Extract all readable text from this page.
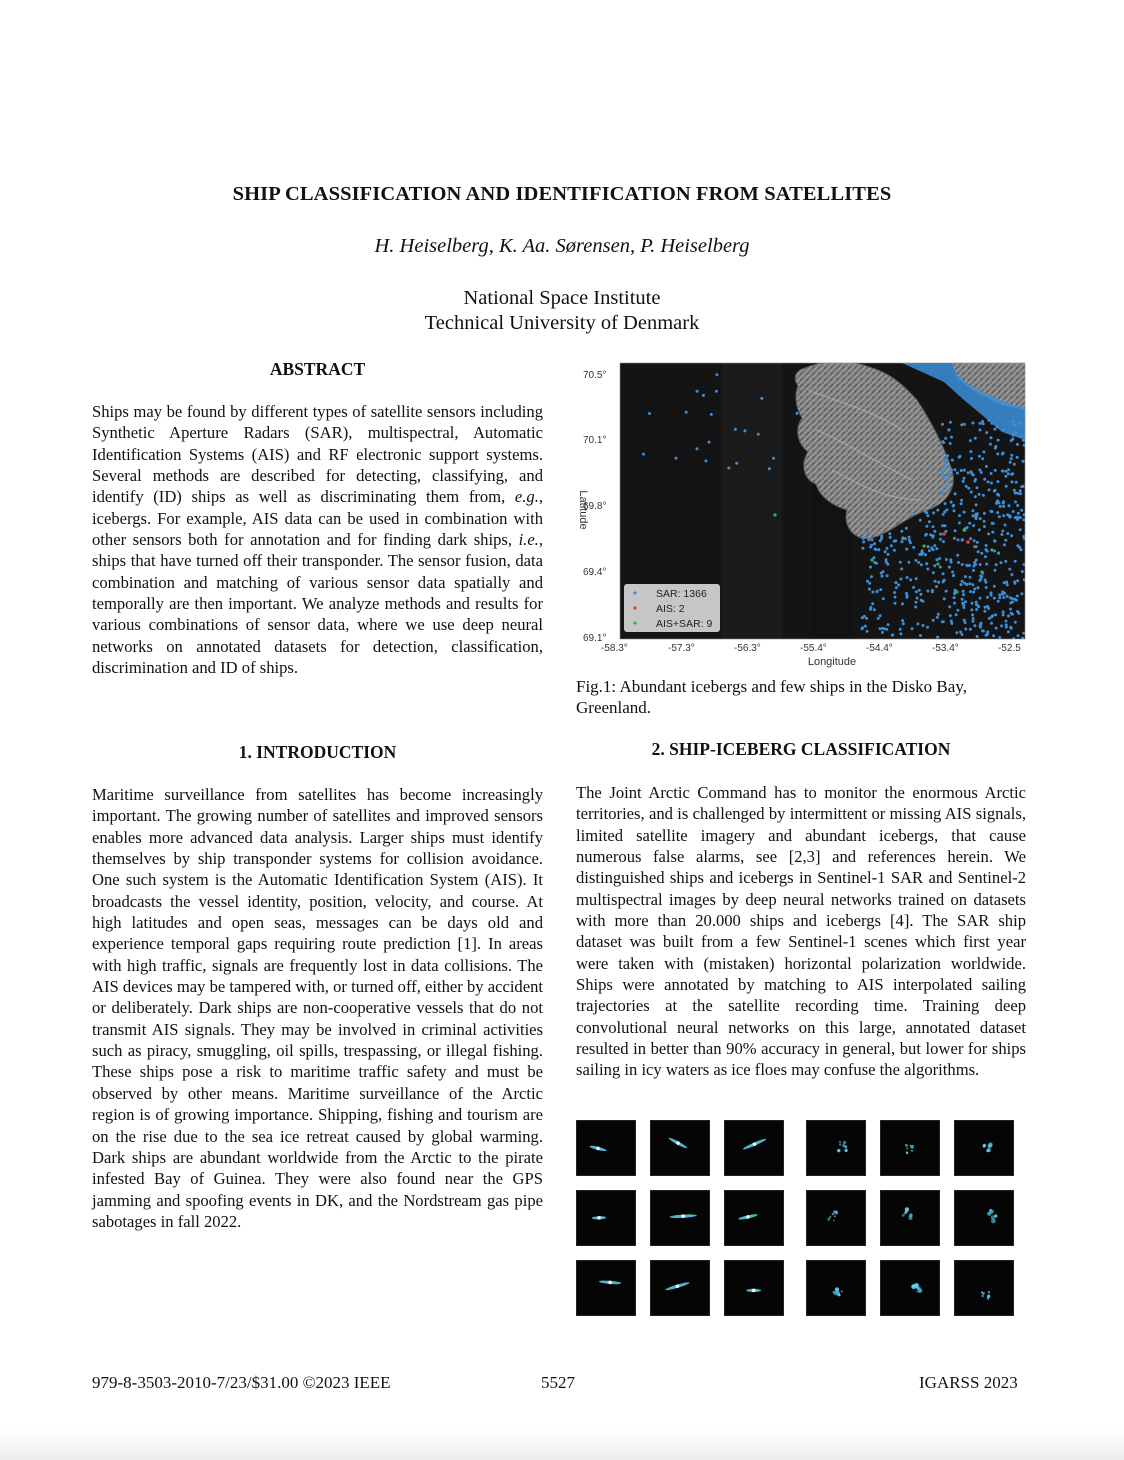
SHIP CLASSIFICATION AND IDENTIFICATION FROM SATELLITES
H. Heiselberg, K. Aa. Sørensen, P. Heiselberg
National Space Institute
Technical University of Denmark
ABSTRACT
Ships may be found by different types of satellite sensors including Synthetic Aperture Radars (SAR), multispectral, Automatic Identification Systems (AIS) and RF electronic support systems. Several methods are described for detecting, classifying, and identify (ID) ships as well as discriminating them from, e.g., icebergs. For example, AIS data can be used in combination with other sensors both for annotation and for finding dark ships, i.e., ships that have turned off their transponder. The sensor fusion, data combination and matching of various sensor data spatially and temporally are then important. We analyze methods and results for various combinations of sensor data, where we use deep neural networks on annotated datasets for detection, classification, discrimination and ID of ships.
1. INTRODUCTION
Maritime surveillance from satellites has become increasingly important. The growing number of satellites and improved sensors enables more advanced data analysis. Larger ships must identify themselves by ship transponder systems for collision avoidance. One such system is the Automatic Identification System (AIS). It broadcasts the vessel identity, position, velocity, and course. At high latitudes and open seas, messages can be days old and experience temporal gaps requiring route prediction [1]. In areas with high traffic, signals are frequently lost in data collisions. The AIS devices may be tampered with, or turned off, either by accident or deliberately. Dark ships are non-cooperative vessels that do not transmit AIS signals. They may be involved in criminal activities such as piracy, smuggling, oil spills, trespassing, or illegal fishing. These ships pose a risk to maritime traffic safety and must be observed by other means. Maritime surveillance of the Arctic region is of growing importance. Shipping, fishing and tourism are on the rise due to the sea ice retreat caused by global warming. Dark ships are abundant worldwide from the Arctic to the pirate infested Bay of Guinea. They were also found near the GPS jamming and spoofing events in DK, and the Nordstream gas pipe sabotages in fall 2022.
70.5°
70.1°
69.8°
69.4°
69.1°
Latitude
-58.3°	-57.3°	-56.3°	-55.4°	-54.4°	-53.4°	-52.5
Longitude
SAR: 1366
AIS: 2
AIS+SAR: 9
Fig.1: Abundant icebergs and few ships in the Disko Bay, Greenland.
2. SHIP-ICEBERG CLASSIFICATION
The Joint Arctic Command has to monitor the enormous Arctic territories, and is challenged by intermittent or missing AIS signals, limited satellite imagery and abundant icebergs, that cause numerous false alarms, see [2,3] and references herein. We distinguished ships and icebergs in Sentinel-1 SAR and Sentinel-2 multispectral images by deep neural networks trained on datasets with more than 20.000 ships and icebergs [4]. The SAR ship dataset was built from a few Sentinel-1 scenes which first year were taken with (mistaken) horizontal polarization worldwide. Ships were annotated by matching to AIS interpolated sailing trajectories at the satellite recording time. Training deep convolutional neural networks on this large, annotated dataset resulted in better than 90% accuracy in general, but lower for ships sailing in icy waters as ice floes may confuse the algorithms.
979-8-3503-2010-7/23/$31.00 ©2023 IEEE	5527	IGARSS 2023
